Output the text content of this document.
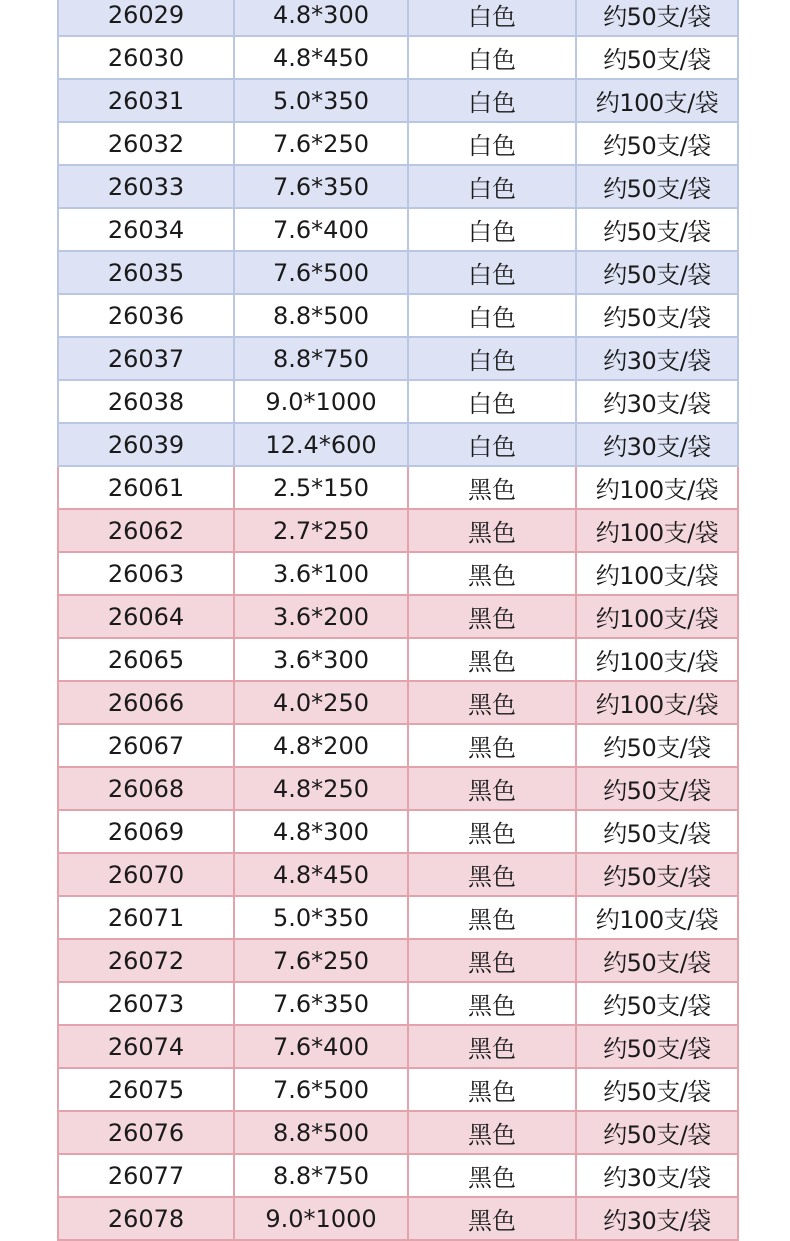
26029	4.8*300	白色	约50支/袋
26030	4.8*450	白色	约50支/袋
26031	5.0*350	白色	约100支/袋
26032	7.6*250	白色	约50支/袋
26033	7.6*350	白色	约50支/袋
26034	7.6*400	白色	约50支/袋
26035	7.6*500	白色	约50支/袋
26036	8.8*500	白色	约50支/袋
26037	8.8*750	白色	约30支/袋
26038	9.0*1000	白色	约30支/袋
26039	12.4*600	白色	约30支/袋
26061	2.5*150	黑色	约100支/袋
26062	2.7*250	黑色	约100支/袋
26063	3.6*100	黑色	约100支/袋
26064	3.6*200	黑色	约100支/袋
26065	3.6*300	黑色	约100支/袋
26066	4.0*250	黑色	约100支/袋
26067	4.8*200	黑色	约50支/袋
26068	4.8*250	黑色	约50支/袋
26069	4.8*300	黑色	约50支/袋
26070	4.8*450	黑色	约50支/袋
26071	5.0*350	黑色	约100支/袋
26072	7.6*250	黑色	约50支/袋
26073	7.6*350	黑色	约50支/袋
26074	7.6*400	黑色	约50支/袋
26075	7.6*500	黑色	约50支/袋
26076	8.8*500	黑色	约50支/袋
26077	8.8*750	黑色	约30支/袋
26078	9.0*1000	黑色	约30支/袋
